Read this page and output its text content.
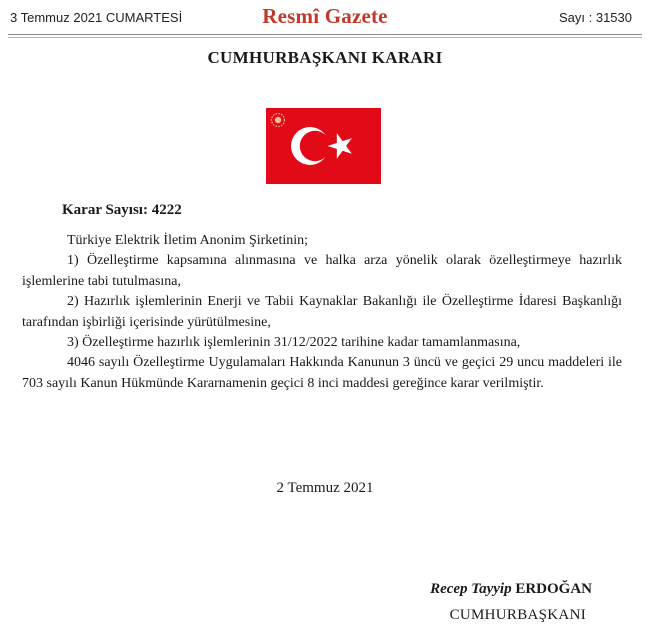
3 Temmuz 2021 CUMARTESİ	Resmî Gazete	Sayı : 31530
CUMHURBAŞKANI KARARI
Karar Sayısı: 4222

Türkiye Elektrik İletim Anonim Şirketinin;

1) Özelleştirme kapsamına alınmasına ve halka arza yönelik olarak özelleştirmeye hazırlık işlemlerine tabi tutulmasına,

2) Hazırlık işlemlerinin Enerji ve Tabii Kaynaklar Bakanlığı ile Özelleştirme İdaresi Başkanlığı tarafından işbirliği içerisinde yürütülmesine,

3) Özelleştirme hazırlık işlemlerinin 31/12/2022 tarihine kadar tamamlanmasına,

4046 sayılı Özelleştirme Uygulamaları Hakkında Kanunun 3 üncü ve geçici 29 uncu maddeleri ile 703 sayılı Kanun Hükmünde Kararnamenin geçici 8 inci maddesi gereğince karar verilmiştir.

2 Temmuz 2021
Recep Tayyip ERDOĞAN
CUMHURBAŞKANI
